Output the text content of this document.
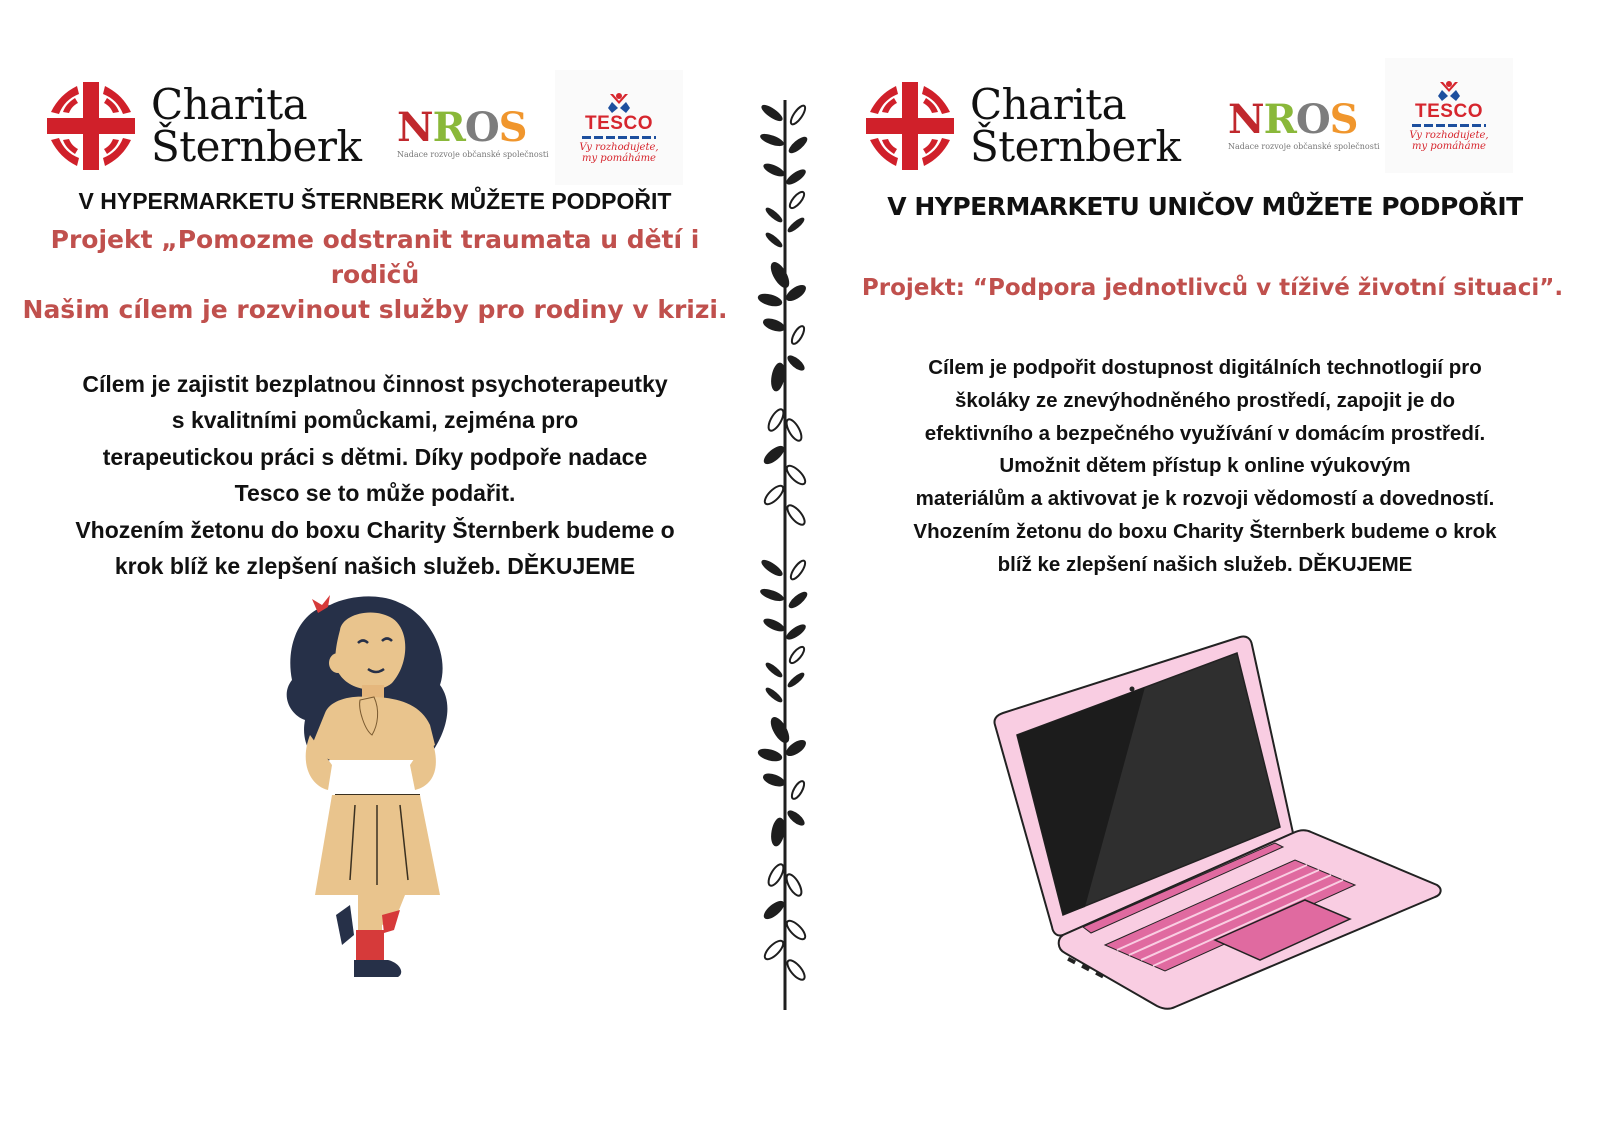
Charita
Šternberk NROS
Nadace rozvoje občanské společnosti
TESCO
Vy rozhodujete,
my pomáháme
V HYPERMARKETU ŠTERNBERK MŮŽETE PODPOŘIT
Projekt „Pomozme odstranit traumata u dětí i
rodičů
Našim cílem je rozvinout služby pro rodiny v krizi.
Cílem je zajistit bezplatnou činnost psychoterapeutky
s kvalitními pomůckami, zejména pro
terapeutickou práci s dětmi. Díky podpoře nadace
Tesco se to může podařit.
Vhozením žetonu do boxu Charity Šternberk budeme o
krok blíž ke zlepšení našich služeb. DĚKUJEME
Charita
Šternberk
NROS
Nadace rozvoje občanské společnosti
TESCO
Vy rozhodujete,
my pomáháme
V HYPERMARKETU UNIČOV MŮŽETE PODPOŘIT
Projekt: “Podpora jednotlivců v tíživé životní situaci”.
Cílem je podpořit dostupnost digitálních technotlogií pro
školáky ze znevýhodněného prostředí, zapojit je do
efektivního a bezpečného využívání v domácím prostředí.
Umožnit dětem přístup k online výukovým
materiálům a aktivovat je k rozvoji vědomostí a dovedností.
Vhozením žetonu do boxu Charity Šternberk budeme o krok
blíž ke zlepšení našich služeb. DĚKUJEME
